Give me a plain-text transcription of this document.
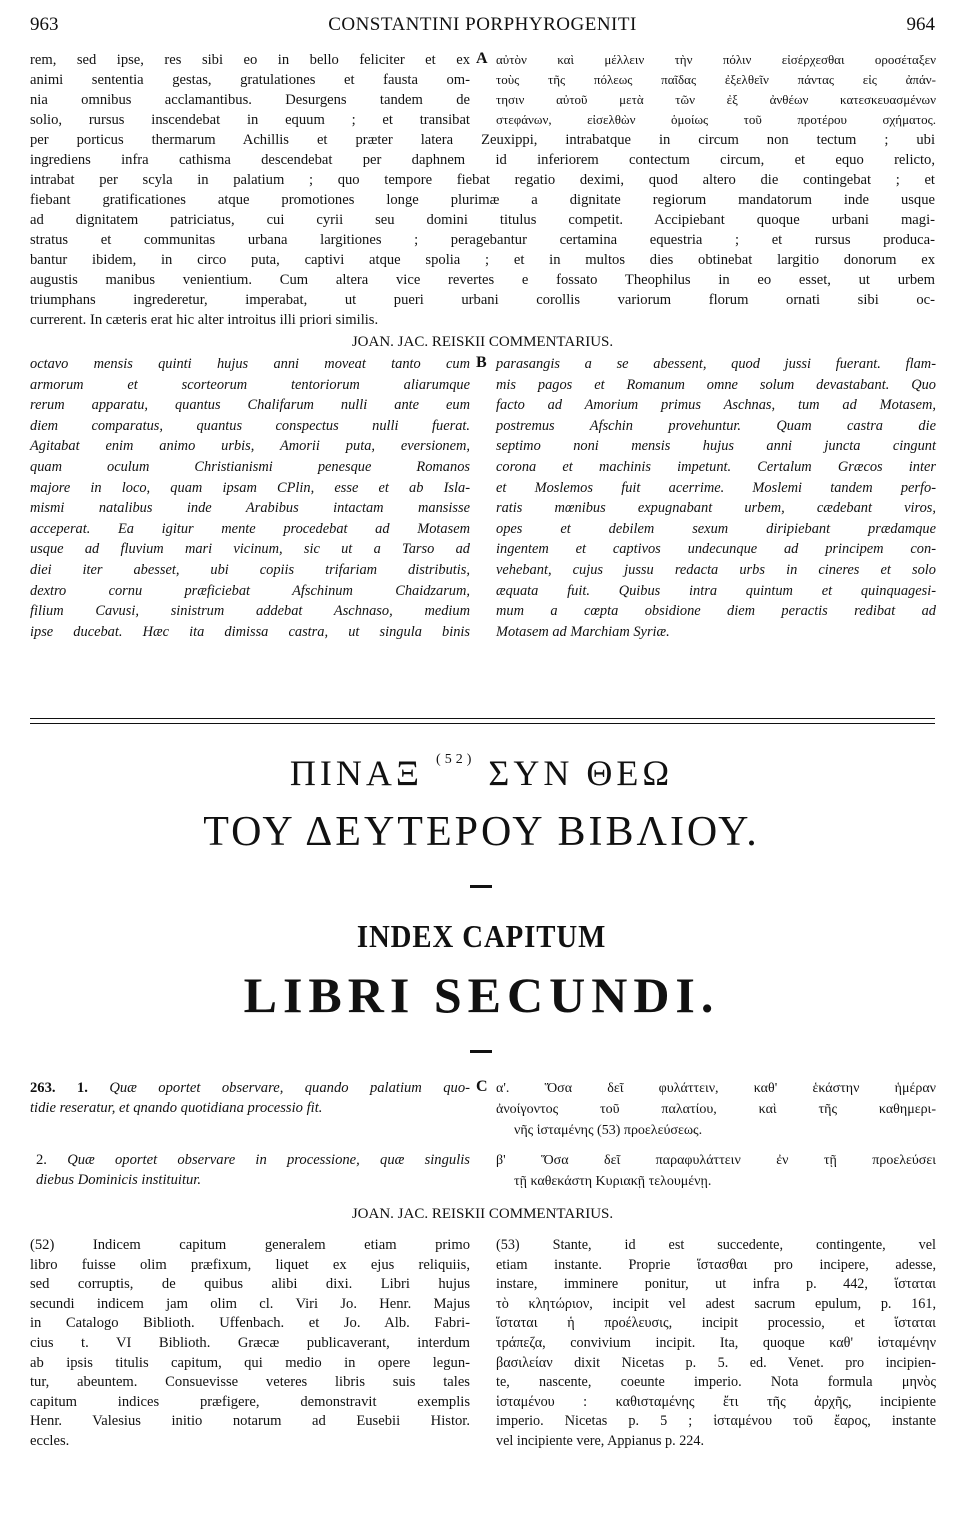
963	CONSTANTINI PORPHYROGENITI	964
rem, sed ipse, res sibi eo in bello feliciter et ex
animi sententia gestas, gratulationes et fausta om-
nia omnibus acclamantibus. Desurgens tandem de
solio, rursus inscendebat in equum ; et transibat
A αὐτὸν καὶ μέλλειν τὴν πόλιν εἰσέρχεσθαι οροσέταξεν
τοὺς τῆς πόλεως παῖδας ἐξελθεῖν πάντας εἰς ἀπάν-
τησιν αὐτοῦ μετὰ τῶν ἐξ ἀνθέων κατεσκευασμένων
στεφάνων, εἰσελθὼν ὁμοίως τοῦ προτέρου σχήματος.
per porticus thermarum Achillis et præter latera Zeuxippi, intrabatque in circum non tectum ; ubi
ingrediens infra cathisma descendebat per daphnem id inferiorem contectum circum, et equo relicto,
intrabat per scyla in palatium ; quo tempore fiebat regatio deximi, quod altero die contingebat ; et
fiebant gratificationes atque promotiones longe plurimæ a dignitate regiorum mandatorum inde usque
ad dignitatem patriciatus, cui cyrii seu domini titulus competit. Accipiebant quoque urbani magi-
stratus et communitas urbana largitiones ; peragebantur certamina equestria ; et rursus producа-
bantur ibidem, in circo puta, captivi atque spolia ; et in multos dies obtinebat largitio donorum ex
augustis manibus venientium. Cum altera vice revertes e fossato Theophilus in eo esset, ut urbem
triumphans ingrederetur, imperabat, ut pueri urbani corollis variorum florum ornati sibi oc-
currerent. In cæteris erat hic alter introitus illi priori similis.
JOAN. JAC. REISKII COMMENTARIUS.
octavo mensis quinti hujus anni moveat tanto cum
armorum et scorteorum tentoriorum aliarumque
rerum apparatu, quantus Chalifarum nulli ante eum
diem comparatus, quantus conspectus nulli fuerat.
Agitabat enim animo urbis, Amorii puta, eversionem,
quam oculum Christianismi penesque Romanos
majore in loco, quam ipsam CPlin, esse et ab Isla-
mismi natalibus inde Arabibus intactam mansisse
acceperat. Ea igitur mente procedebat ad Motasem
usque ad fluvium mari vicinum, sic ut a Tarso ad
diei iter abesset, ubi copiis trifariam distributis,
dextro cornu præficiebat Afschinum Chaidzarum,
filium Cavusi, sinistrum addebat Aschnaso, medium
ipse ducebat. Hæc ita dimissa castra, ut singula binis
B parasangis a se abessent, quod jussi fuerant. flam-
mis pagos et Romanum omne solum devastabant. Quo
facto ad Amorium primus Aschnas, tum ad Motasem,
postremus Afschin provehuntur. Quam castra die
septimo noni mensis hujus anni juncta cingunt
corona et machinis impetunt. Certalum Græcos inter
et Moslemos fuit acerrime. Moslemi tandem perfo-
ratis mœnibus expugnabant urbem, cædebant viros,
opes et debilem sexum diripiebant prædamque
ingentem et captivos undecunque ad principem con-
vehebant, cujus jussu redacta urbs in cineres et solo
æquata fuit. Quibus intra quintum et quinquagesi-
mum a cœpta obsidione diem peractis redibat ad
Motasem ad Marchiam Syriæ.
ΠΙΝΑΞ $^{(52)}$ ΣΥΝ ΘΕΩ
ΤΟΥ ΔΕΥΤΕΡΟΥ ΒΙΒΛΙΟΥ.
INDEX CAPITUM
LIBRI SECUNDI.
263. 1. Quæ oportet observare, quando palatium quo-
tidie reseratur, et qnando quotidiana processio fit.
C α'. Ὅσα δεῖ φυλάττειν, καθ' ἑκάστην ἡμέραν
ἀνοίγοντος τοῦ παλατίου, καὶ τῆς καθημερι-
νῆς ἱσταμένης (53) προελεύσεως.
2. Quæ oportet observare in processione, quæ singulis
diebus Dominicis instituitur.
β' Ὅσα δεῖ παραφυλάττειν ἐν τῇ προελεύσει
τῇ καθεκάστη Κυριακῇ τελουμένῃ.
JOAN. JAC. REISKII COMMENTARIUS.
(52) Indicem capitum generalem etiam primo
libro fuisse olim præfixum, liquet ex ejus reliquiis,
sed corruptis, de quibus alibi dixi. Libri hujus
secundi indicem jam olim cl. Viri Jo. Henr. Majus
in Catalogo Biblioth. Uffenbach. et Jo. Alb. Fabri-
cius t. VI Biblioth. Græcæ publicaverant, interdum
ab ipsis titulis capitum, qui medio in opere legun-
tur, abeuntem. Consuevisse veteres libris suis tales
capitum indices præfigere, demonstravit exemplis
Henr. Valesius initio notarum ad Eusebii Histor.
eccles.
(53) Stante, id est succedente, contingente, vel
etiam instante. Proprie ἵστασθαι pro incipere, adesse,
instare, imminere ponitur, ut infra p. 442, ἵσταται
τὸ κλητώριον, incipit vel adest sacrum epulum, p. 161,
ἵσταται ἡ προέλευσις, incipit processio, et ἵσταται
τράπεζα, convivium incipit. Ita, quoque καθ' ἱσταμένην
βασιλείαν dixit Nicetas p. 5. ed. Venet. pro incipien-
te, nascente, coeunte imperio. Nota formula μηνὸς
ἱσταμένου : καθισταμένης ἔτι τῆς ἀρχῆς, incipiente
imperio. Nicetas p. 5 ; ἱσταμένου τοῦ ἔαρος, instante
vel incipiente vere, Appianus p. 224.
